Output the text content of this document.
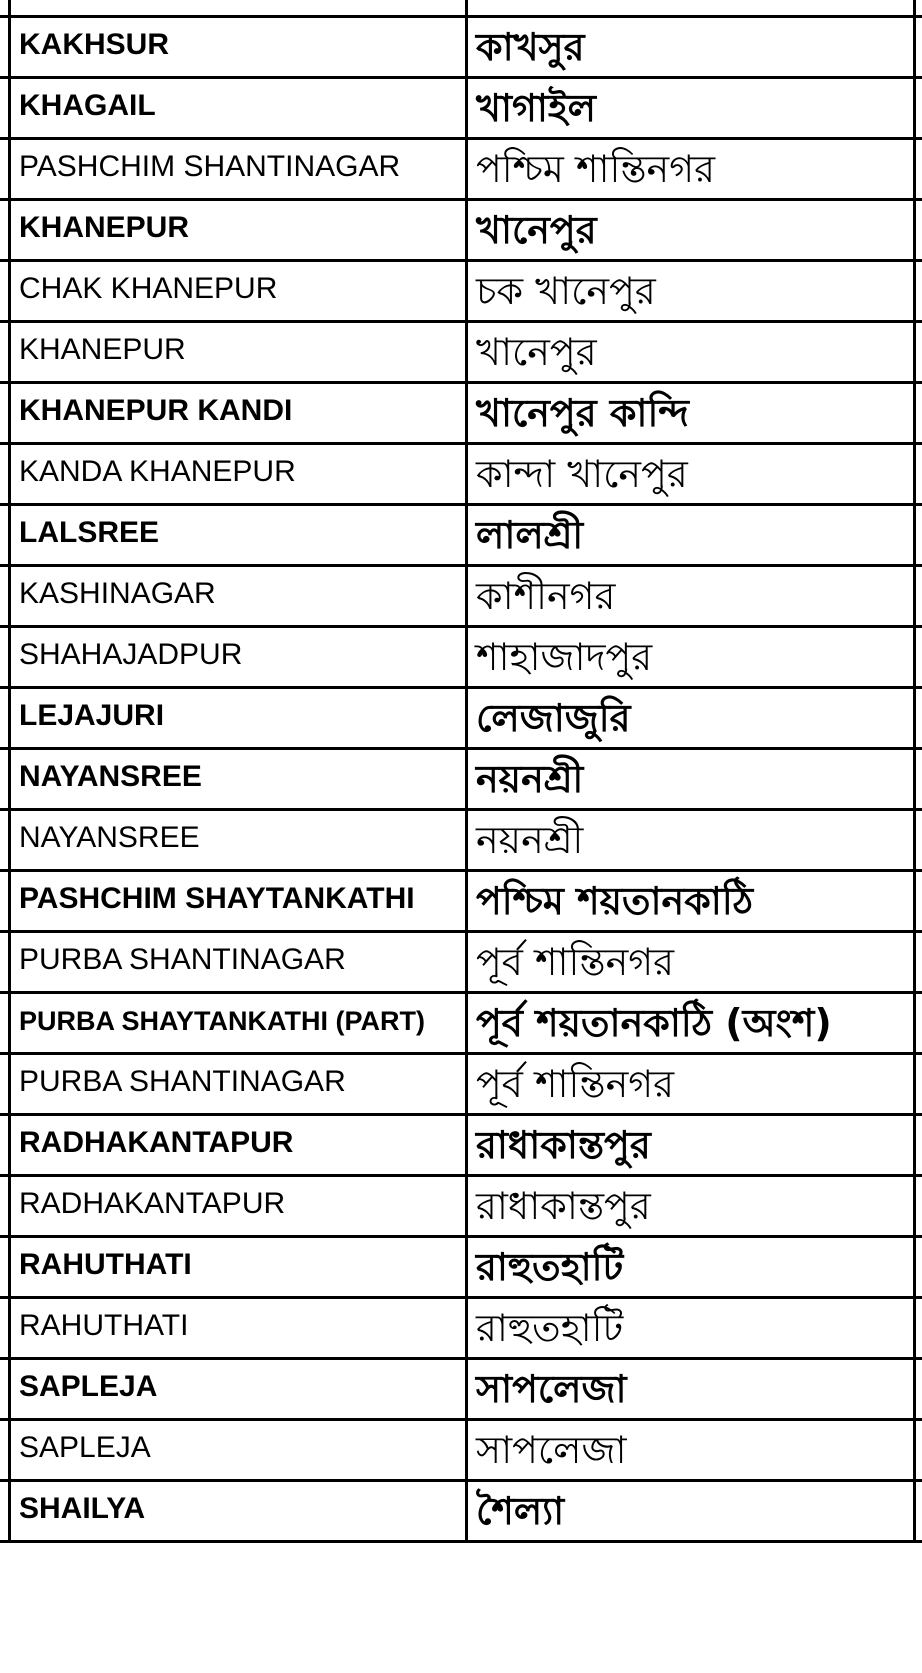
KAKHSUR	কাখসুর
KHAGAIL	খাগাইল
PASHCHIM SHANTINAGAR	পশ্চিম শান্তিনগর
KHANEPUR	খানেপুর
CHAK KHANEPUR	চক খানেপুর
KHANEPUR	খানেপুর
KHANEPUR KANDI	খানেপুর কান্দি
KANDA KHANEPUR	কান্দা খানেপুর
LALSREE	লালশ্রী
KASHINAGAR	কাশীনগর
SHAHAJADPUR	শাহাজাদপুর
LEJAJURI	লেজাজুরি
NAYANSREE	নয়নশ্রী
NAYANSREE	নয়নশ্রী
PASHCHIM SHAYTANKATHI	পশ্চিম শয়তানকাঠি
PURBA SHANTINAGAR	পূর্ব শান্তিনগর
PURBA SHAYTANKATHI (PART)	পূর্ব শয়তানকাঠি (অংশ)
PURBA SHANTINAGAR	পূর্ব শান্তিনগর
RADHAKANTAPUR	রাধাকান্তপুর
RADHAKANTAPUR	রাধাকান্তপুর
RAHUTHATI	রাহুতহাটি
RAHUTHATI	রাহুতহাটি
SAPLEJA	সাপলেজা
SAPLEJA	সাপলেজা
SHAILYA	শৈল্যা
